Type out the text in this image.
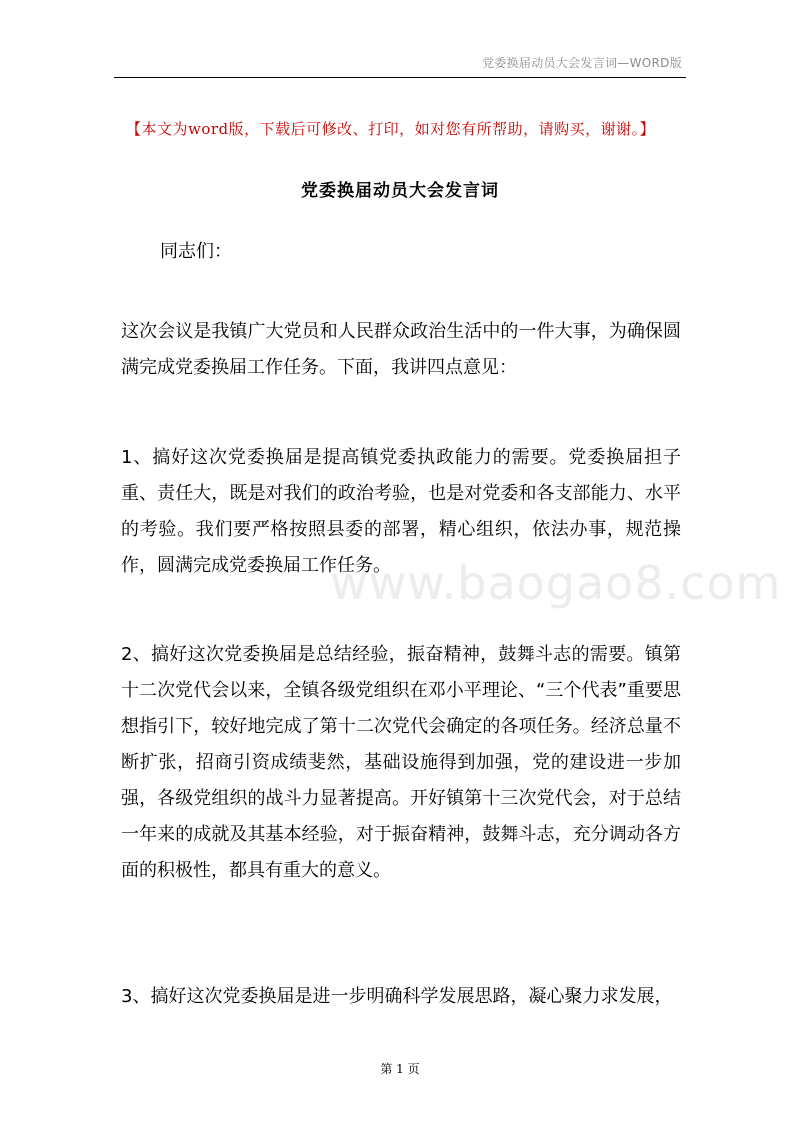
党委换届动员大会发言词—WORD版
【本文为word版，下载后可修改、打印，如对您有所帮助，请购买，谢谢。】
党委换届动员大会发言词
同志们：
这次会议是我镇广大党员和人民群众政治生活中的一件大事，为确保圆满完成党委换届工作任务。下面，我讲四点意见：
1、搞好这次党委换届是提高镇党委执政能力的需要。党委换届担子重、责任大，既是对我们的政治考验，也是对党委和各支部能力、水平的考验。我们要严格按照县委的部署，精心组织，依法办事，规范操作，圆满完成党委换届工作任务。
2、搞好这次党委换届是总结经验，振奋精神，鼓舞斗志的需要。镇第十二次党代会以来，全镇各级党组织在邓小平理论、“三个代表”重要思想指引下，较好地完成了第十二次党代会确定的各项任务。经济总量不断扩张，招商引资成绩斐然，基础设施得到加强，党的建设进一步加强，各级党组织的战斗力显著提高。开好镇第十三次党代会，对于总结一年来的成就及其基本经验，对于振奋精神，鼓舞斗志，充分调动各方面的积极性，都具有重大的意义。
3、搞好这次党委换届是进一步明确科学发展思路，凝心聚力求发展，
www.baogao8.com
第 1 页
